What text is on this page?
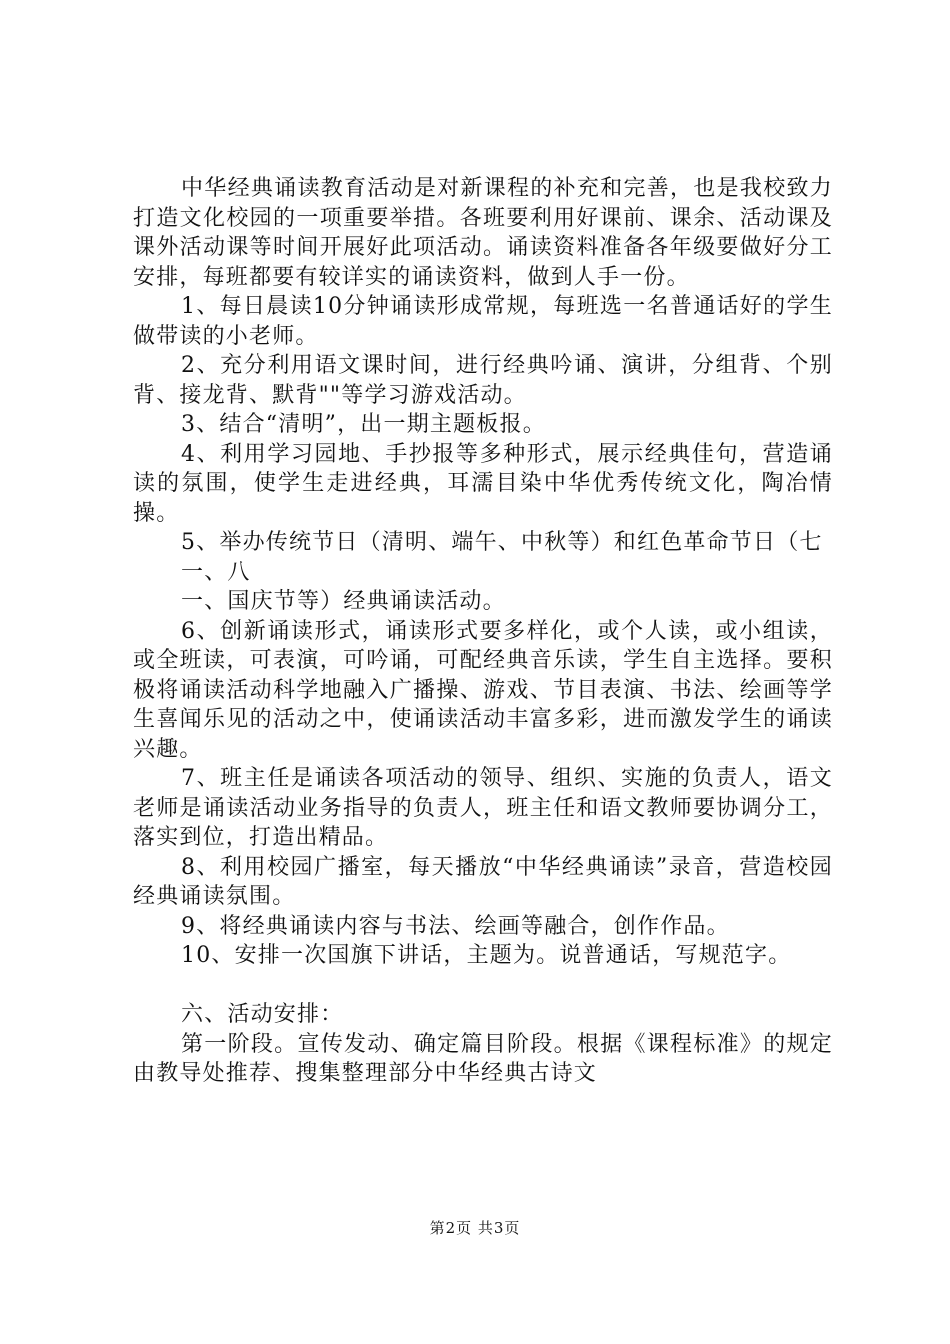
中华经典诵读教育活动是对新课程的补充和完善，也是我校致力打造文化校园的一项重要举措。各班要利用好课前、课余、活动课及课外活动课等时间开展好此项活动。诵读资料准备各年级要做好分工安排，每班都要有较详实的诵读资料，做到人手一份。

1、每日晨读10分钟诵读形成常规，每班选一名普通话好的学生做带读的小老师。

2、充分利用语文课时间，进行经典吟诵、演讲，分组背、个别背、接龙背、默背""等学习游戏活动。

3、结合“清明”，出一期主题板报。

4、利用学习园地、手抄报等多种形式，展示经典佳句，营造诵读的氛围，使学生走进经典，耳濡目染中华优秀传统文化，陶冶情操。

5、举办传统节日（清明、端午、中秋等）和红色革命节日（七

一、八

一、国庆节等）经典诵读活动。

6、创新诵读形式，诵读形式要多样化，或个人读，或小组读，或全班读，可表演，可吟诵，可配经典音乐读，学生自主选择。要积极将诵读活动科学地融入广播操、游戏、节目表演、书法、绘画等学生喜闻乐见的活动之中，使诵读活动丰富多彩，进而激发学生的诵读兴趣。

7、班主任是诵读各项活动的领导、组织、实施的负责人，语文老师是诵读活动业务指导的负责人，班主任和语文教师要协调分工，落实到位，打造出精品。

8、利用校园广播室，每天播放“中华经典诵读”录音，营造校园经典诵读氛围。

9、将经典诵读内容与书法、绘画等融合，创作作品。

10、安排一次国旗下讲话，主题为。说普通话，写规范字。

六、活动安排：

第一阶段。宣传发动、确定篇目阶段。根据《课程标准》的规定由教导处推荐、搜集整理部分中华经典古诗文

第2页 共3页
